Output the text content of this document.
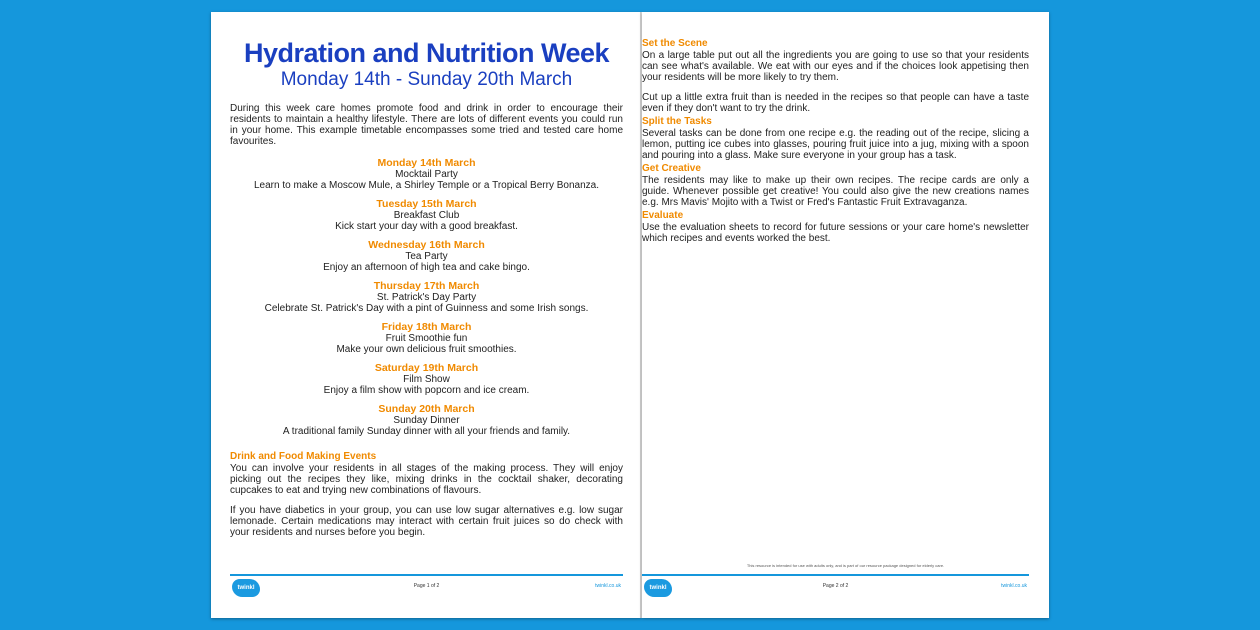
Hydration and Nutrition Week
Monday 14th - Sunday 20th March

During this week care homes promote food and drink in order to encourage their residents to maintain a healthy lifestyle. There are lots of different events you could run in your home. This example timetable encompasses some tried and tested care home favourites.

Monday 14th March
Mocktail Party
Learn to make a Moscow Mule, a Shirley Temple or a Tropical Berry Bonanza.
Tuesday 15th March
Breakfast Club
Kick start your day with a good breakfast.
Wednesday 16th March
Tea Party
Enjoy an afternoon of high tea and cake bingo.
Thursday 17th March
St. Patrick's Day Party
Celebrate St. Patrick's Day with a pint of Guinness and some Irish songs.
Friday 18th March
Fruit Smoothie fun
Make your own delicious fruit smoothies.
Saturday 19th March
Film Show
Enjoy a film show with popcorn and ice cream.
Sunday 20th March
Sunday Dinner
A traditional family Sunday dinner with all your friends and family.
Drink and Food Making Events

You can involve your residents in all stages of the making process. They will enjoy picking out the recipes they like, mixing drinks in the cocktail shaker, decorating cupcakes to eat and trying new combinations of flavours.

If you have diabetics in your group, you can use low sugar alternatives e.g. low sugar lemonade. Certain medications may interact with certain fruit juices so do check with your residents and nurses before you begin.

twinkl	Page 1 of 2	twinkl.co.uk
Set the Scene

On a large table put out all the ingredients you are going to use so that your residents can see what's available. We eat with our eyes and if the choices look appetising then your residents will be more likely to try them.

Cut up a little extra fruit than is needed in the recipes so that people can have a taste even if they don't want to try the drink.

Split the Tasks

Several tasks can be done from one recipe e.g. the reading out of the recipe, slicing a lemon, putting ice cubes into glasses, pouring fruit juice into a jug, mixing with a spoon and pouring into a glass. Make sure everyone in your group has a task.

Get Creative

The residents may like to make up their own recipes. The recipe cards are only a guide. Whenever possible get creative! You could also give the new creations names e.g. Mrs Mavis' Mojito with a Twist or Fred's Fantastic Fruit Extravaganza.

Evaluate

Use the evaluation sheets to record for future sessions or your care home's newsletter which recipes and events worked the best.

This resource is intended for use with adults only, and is part of our resource package designed for elderly care.
twinkl	Page 2 of 2	twinkl.co.uk
